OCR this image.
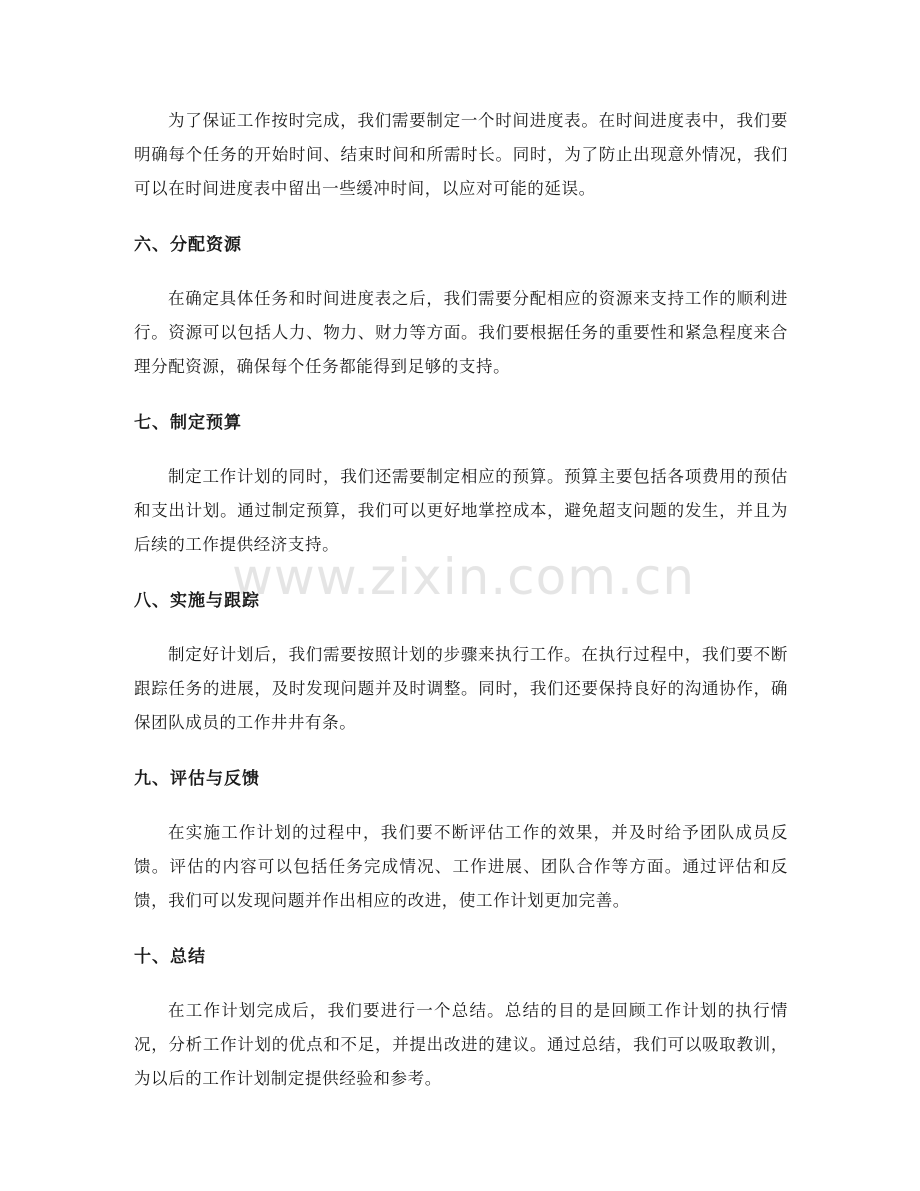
为了保证工作按时完成，我们需要制定一个时间进度表。在时间进度表中，我们要明确每个任务的开始时间、结束时间和所需时长。同时，为了防止出现意外情况，我们可以在时间进度表中留出一些缓冲时间，以应对可能的延误。

六、分配资源

在确定具体任务和时间进度表之后，我们需要分配相应的资源来支持工作的顺利进行。资源可以包括人力、物力、财力等方面。我们要根据任务的重要性和紧急程度来合理分配资源，确保每个任务都能得到足够的支持。

七、制定预算

制定工作计划的同时，我们还需要制定相应的预算。预算主要包括各项费用的预估和支出计划。通过制定预算，我们可以更好地掌控成本，避免超支问题的发生，并且为后续的工作提供经济支持。

八、实施与跟踪

制定好计划后，我们需要按照计划的步骤来执行工作。在执行过程中，我们要不断跟踪任务的进展，及时发现问题并及时调整。同时，我们还要保持良好的沟通协作，确保团队成员的工作井井有条。

九、评估与反馈

在实施工作计划的过程中，我们要不断评估工作的效果，并及时给予团队成员反馈。评估的内容可以包括任务完成情况、工作进展、团队合作等方面。通过评估和反馈，我们可以发现问题并作出相应的改进，使工作计划更加完善。

十、总结

在工作计划完成后，我们要进行一个总结。总结的目的是回顾工作计划的执行情况，分析工作计划的优点和不足，并提出改进的建议。通过总结，我们可以吸取教训，为以后的工作计划制定提供经验和参考。

www.zixin.com.cn
